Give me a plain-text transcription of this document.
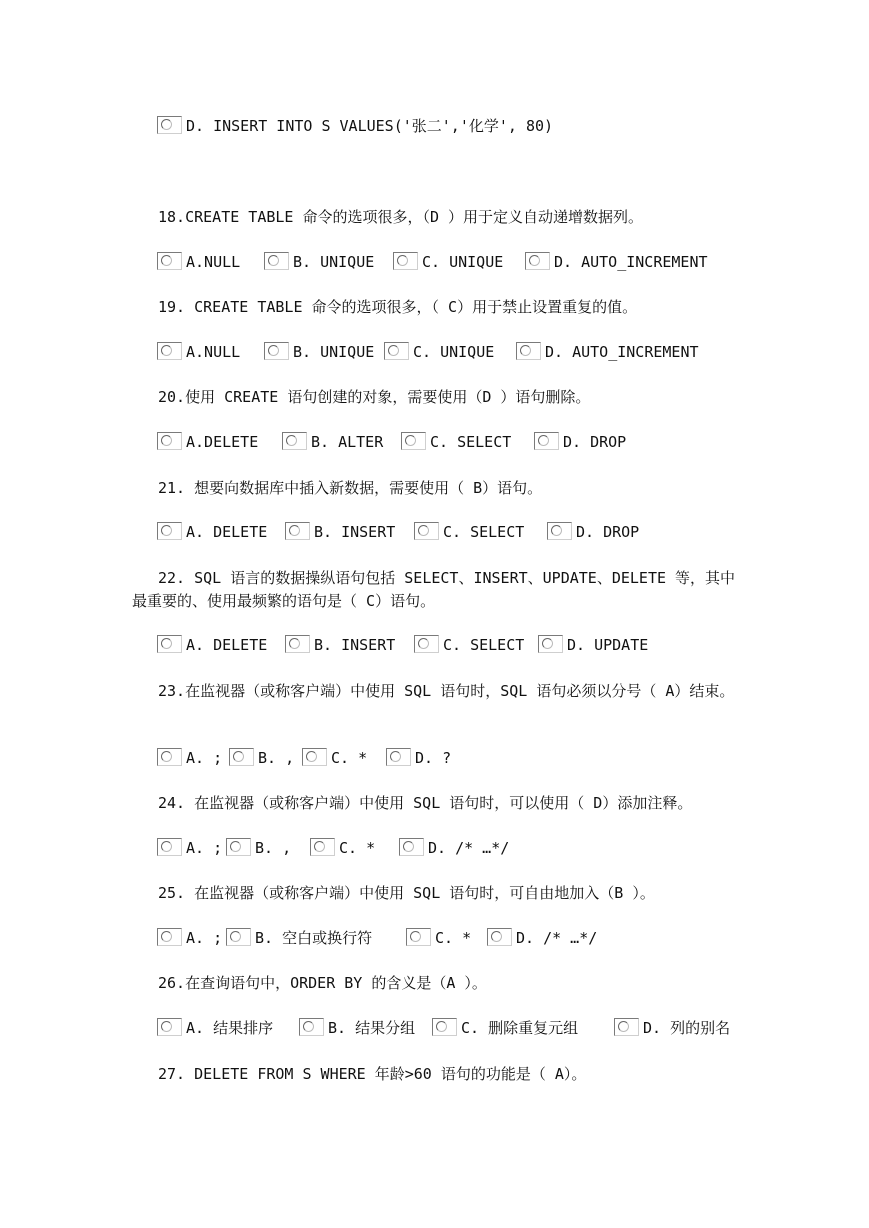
D. INSERT INTO S VALUES('张二','化学', 80)
18.CREATE TABLE 命令的选项很多，（D ）用于定义自动递增数据列。
A.NULL	B. UNIQUE	C. UNIQUE	D. AUTO_INCREMENT
19. CREATE TABLE 命令的选项很多，（ C）用于禁止设置重复的值。
A.NULL	B. UNIQUE	C. UNIQUE	D. AUTO_INCREMENT
20.使用 CREATE 语句创建的对象，需要使用（D ）语句删除。
A.DELETE	B. ALTER	C. SELECT	D. DROP
21. 想要向数据库中插入新数据，需要使用（ B）语句。
A. DELETE	B. INSERT	C. SELECT	D. DROP
22. SQL 语言的数据操纵语句包括 SELECT、INSERT、UPDATE、DELETE 等，其中最重要的、使用最频繁的语句是（ C）语句。
A. DELETE	B. INSERT	C. SELECT	D. UPDATE
23.在监视器（或称客户端）中使用 SQL 语句时，SQL 语句必须以分号（ A）结束。
A. ; B. , C. *	D. ?
24. 在监视器（或称客户端）中使用 SQL 语句时，可以使用（ D）添加注释。
A. ; B. ,	C. *	D. /* …*/
25. 在监视器（或称客户端）中使用 SQL 语句时，可自由地加入（B ）。
A. ; B. 空白或换行符	C. *	D. /* …*/
26.在查询语句中，ORDER BY 的含义是（A ）。
A. 结果排序	B. 结果分组	C. 删除重复元组	D. 列的别名
27. DELETE FROM S WHERE 年龄>60 语句的功能是（ A）。
